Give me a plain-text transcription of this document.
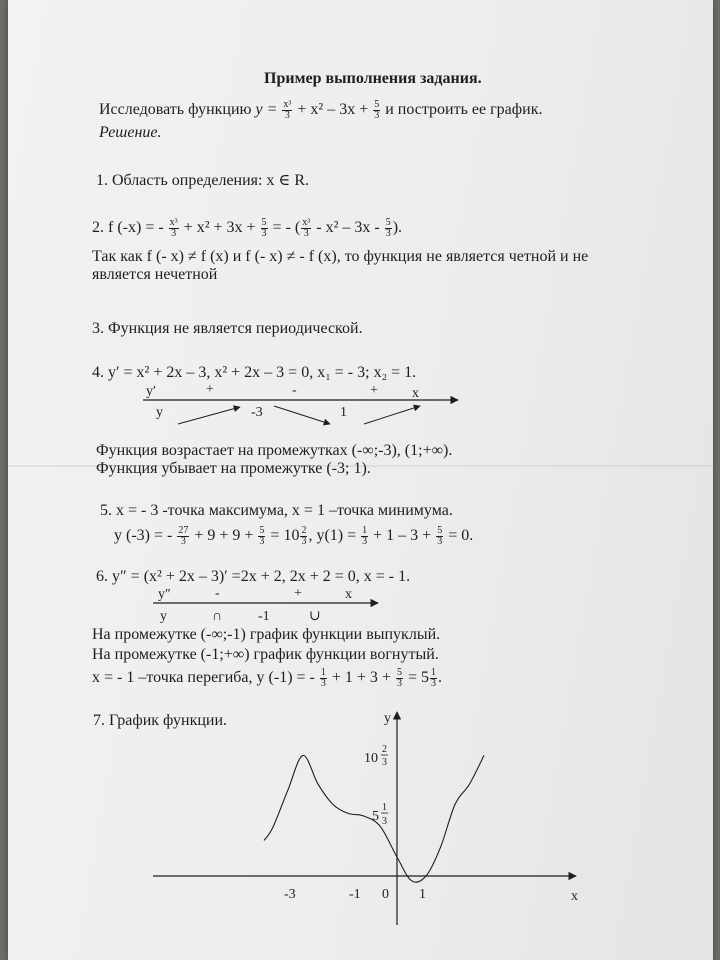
Пример выполнения задания.
Исследовать функцию $y = \frac{\text{x³}}{3} + x^2 - 3x + \frac{5}{3}$ и построить ее график.
Решение.
1. Область определения: x ∈ R.
2. f (-x) = - $\frac{\text{x³}}{3} + x^2 + 3x + \frac{5}{3}$ = - ( $\frac{\text{x³}}{3} - x^2 - 3x - \frac{5}{3}$ ).
Так как f (- x) ≠ f (x) и f (- x) ≠ - f (x), то функция не является четной и не
является нечетной
3. Функция не является периодической.
4. y′ = x² + 2x – 3, x² + 2x – 3 = 0, x₁ = - 3; x₂ = 1.
y′	+	-	+ x
y	-3	1
Функция возрастает на промежутках (-∞;-3), (1;+∞).
Функция убывает на промежутке (-3; 1).
5. x = - 3 -точка максимума, x = 1 –точка минимума.
y (-3) = - $\frac{27}{3} + 9 + 9 + \frac{5}{3} = 10 \frac{2}{3}$ , $y(1) = \frac{1}{3} + 1 - 3 + \frac{5}{3} = 0$.
6. y″ = (x² + 2x – 3)′ =2x + 2, 2x + 2 = 0, x = - 1.
y″	-	+	x
y	∩	-1	∪
На промежутке (-∞;-1) график функции выпуклый.
На промежутке (-1;+∞) график функции вогнутый.
x = - 1 –точка перегиба, y (-1) = - $\frac{1}{3} + 1 + 3 + \frac{5}{3} = 5 \frac{1}{3}$ .
7. График функции.	y
x
10
2
3
5
1
3
-3	-1 0 1
